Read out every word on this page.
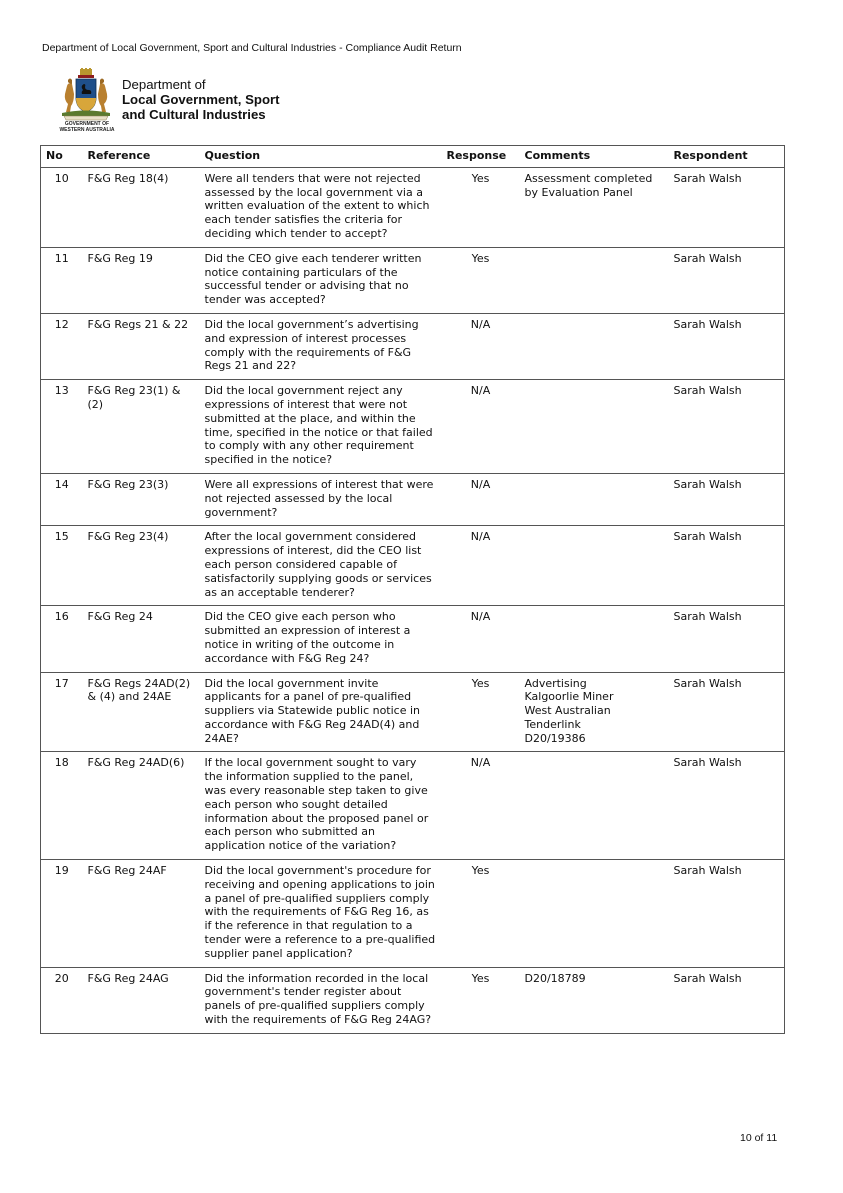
Department of Local Government, Sport and Cultural Industries - Compliance Audit Return
GOVERNMENT OF
WESTERN AUSTRALIA
Department of
Local Government, Sport
and Cultural Industries
No	Reference	Question	Response	Comments	Respondent
10	F&G Reg 18(4)	Were all tenders that were not rejected assessed by the local government via a written evaluation of the extent to which each tender satisfies the criteria for deciding which tender to accept?	Yes	Assessment completed by Evaluation Panel	Sarah Walsh
11	F&G Reg 19	Did the CEO give each tenderer written notice containing particulars of the successful tender or advising that no tender was accepted?	Yes		Sarah Walsh
12	F&G Regs 21 & 22	Did the local government’s advertising and expression of interest processes comply with the requirements of F&G Regs 21 and 22?	N/A		Sarah Walsh
13	F&G Reg 23(1) & (2)	Did the local government reject any expressions of interest that were not submitted at the place, and within the time, specified in the notice or that failed to comply with any other requirement specified in the notice?	N/A		Sarah Walsh
14	F&G Reg 23(3)	Were all expressions of interest that were not rejected assessed by the local government?	N/A		Sarah Walsh
15	F&G Reg 23(4)	After the local government considered expressions of interest, did the CEO list each person considered capable of satisfactorily supplying goods or services as an acceptable tenderer?	N/A		Sarah Walsh
16	F&G Reg 24	Did the CEO give each person who submitted an expression of interest a notice in writing of the outcome in accordance with F&G Reg 24?	N/A		Sarah Walsh
17	F&G Regs 24AD(2) & (4) and 24AE	Did the local government invite applicants for a panel of pre-qualified suppliers via Statewide public notice in accordance with F&G Reg 24AD(4) and 24AE?	Yes	Advertising
Kalgoorlie Miner
West Australian
Tenderlink
D20/19386	Sarah Walsh
18	F&G Reg 24AD(6)	If the local government sought to vary the information supplied to the panel, was every reasonable step taken to give each person who sought detailed information about the proposed panel or each person who submitted an application notice of the variation?	N/A		Sarah Walsh
19	F&G Reg 24AF	Did the local government's procedure for receiving and opening applications to join a panel of pre-qualified suppliers comply with the requirements of F&G Reg 16, as if the reference in that regulation to a tender were a reference to a pre-qualified supplier panel application?	Yes		Sarah Walsh
20	F&G Reg 24AG	Did the information recorded in the local government's tender register about panels of pre-qualified suppliers comply with the requirements of F&G Reg 24AG?	Yes	D20/18789	Sarah Walsh
10 of 11
